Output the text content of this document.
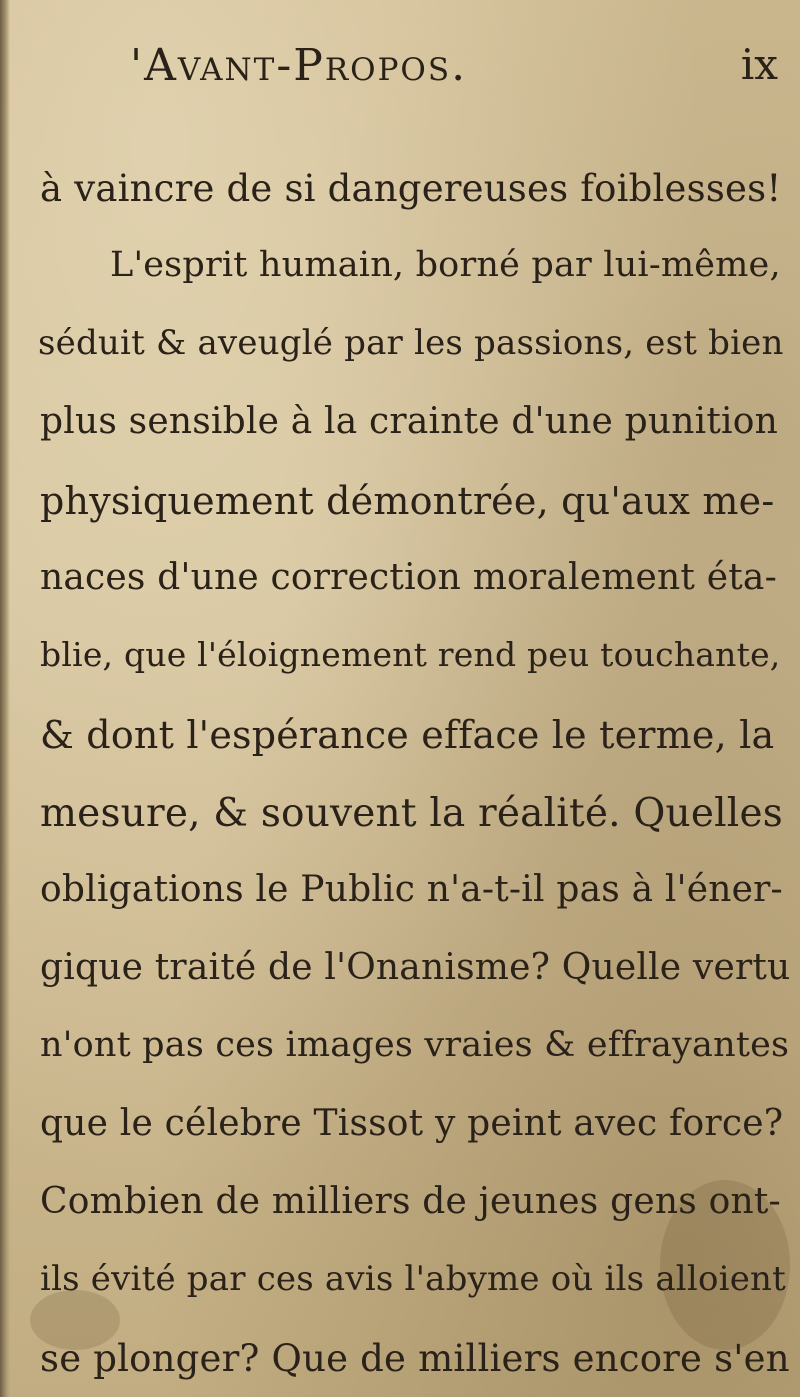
'Avant-Propos.	ix
à vaincre de si dangereuses foiblesses!
L'esprit humain, borné par lui-même,
séduit & aveuglé par les passions, est bien
plus sensible à la crainte d'une punition
physiquement démontrée, qu'aux me-
naces d'une correction moralement éta-
blie, que l'éloignement rend peu touchante,
& dont l'espérance efface le terme, la
mesure, & souvent la réalité. Quelles
obligations le Public n'a-t-il pas à l'éner-
gique traité de l'Onanisme? Quelle vertu
n'ont pas ces images vraies & effrayantes
que le célebre Tissot y peint avec force?
Combien de milliers de jeunes gens ont-
ils évité par ces avis l'abyme où ils alloient
se plonger? Que de milliers encore s'en
